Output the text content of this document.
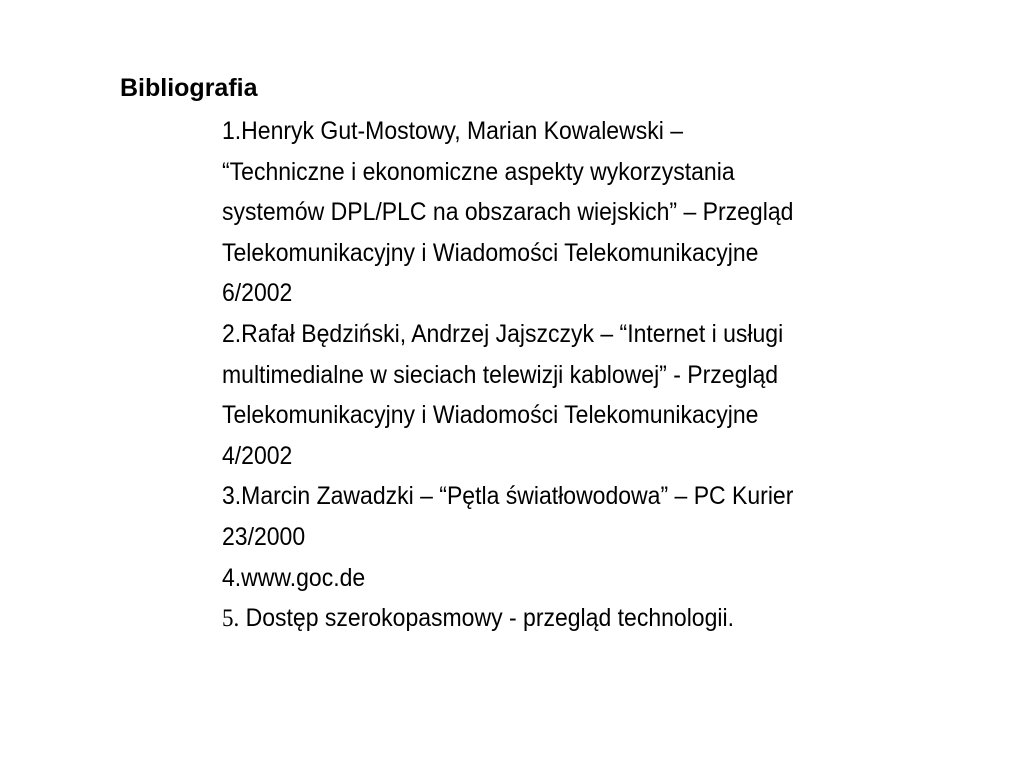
Bibliografia
1.Henryk Gut-Mostowy, Marian Kowalewski –
“Techniczne i ekonomiczne aspekty wykorzystania
systemów DPL/PLC na obszarach wiejskich” – Przegląd
Telekomunikacyjny i Wiadomości Telekomunikacyjne
6/2002
2.Rafał Będziński, Andrzej Jajszczyk – “Internet i usługi
multimedialne w sieciach telewizji kablowej” - Przegląd
Telekomunikacyjny i Wiadomości Telekomunikacyjne
4/2002
3.Marcin Zawadzki – “Pętla światłowodowa” – PC Kurier
23/2000
4.www.goc.de
5. Dostęp szerokopasmowy - przegląd technologii.
